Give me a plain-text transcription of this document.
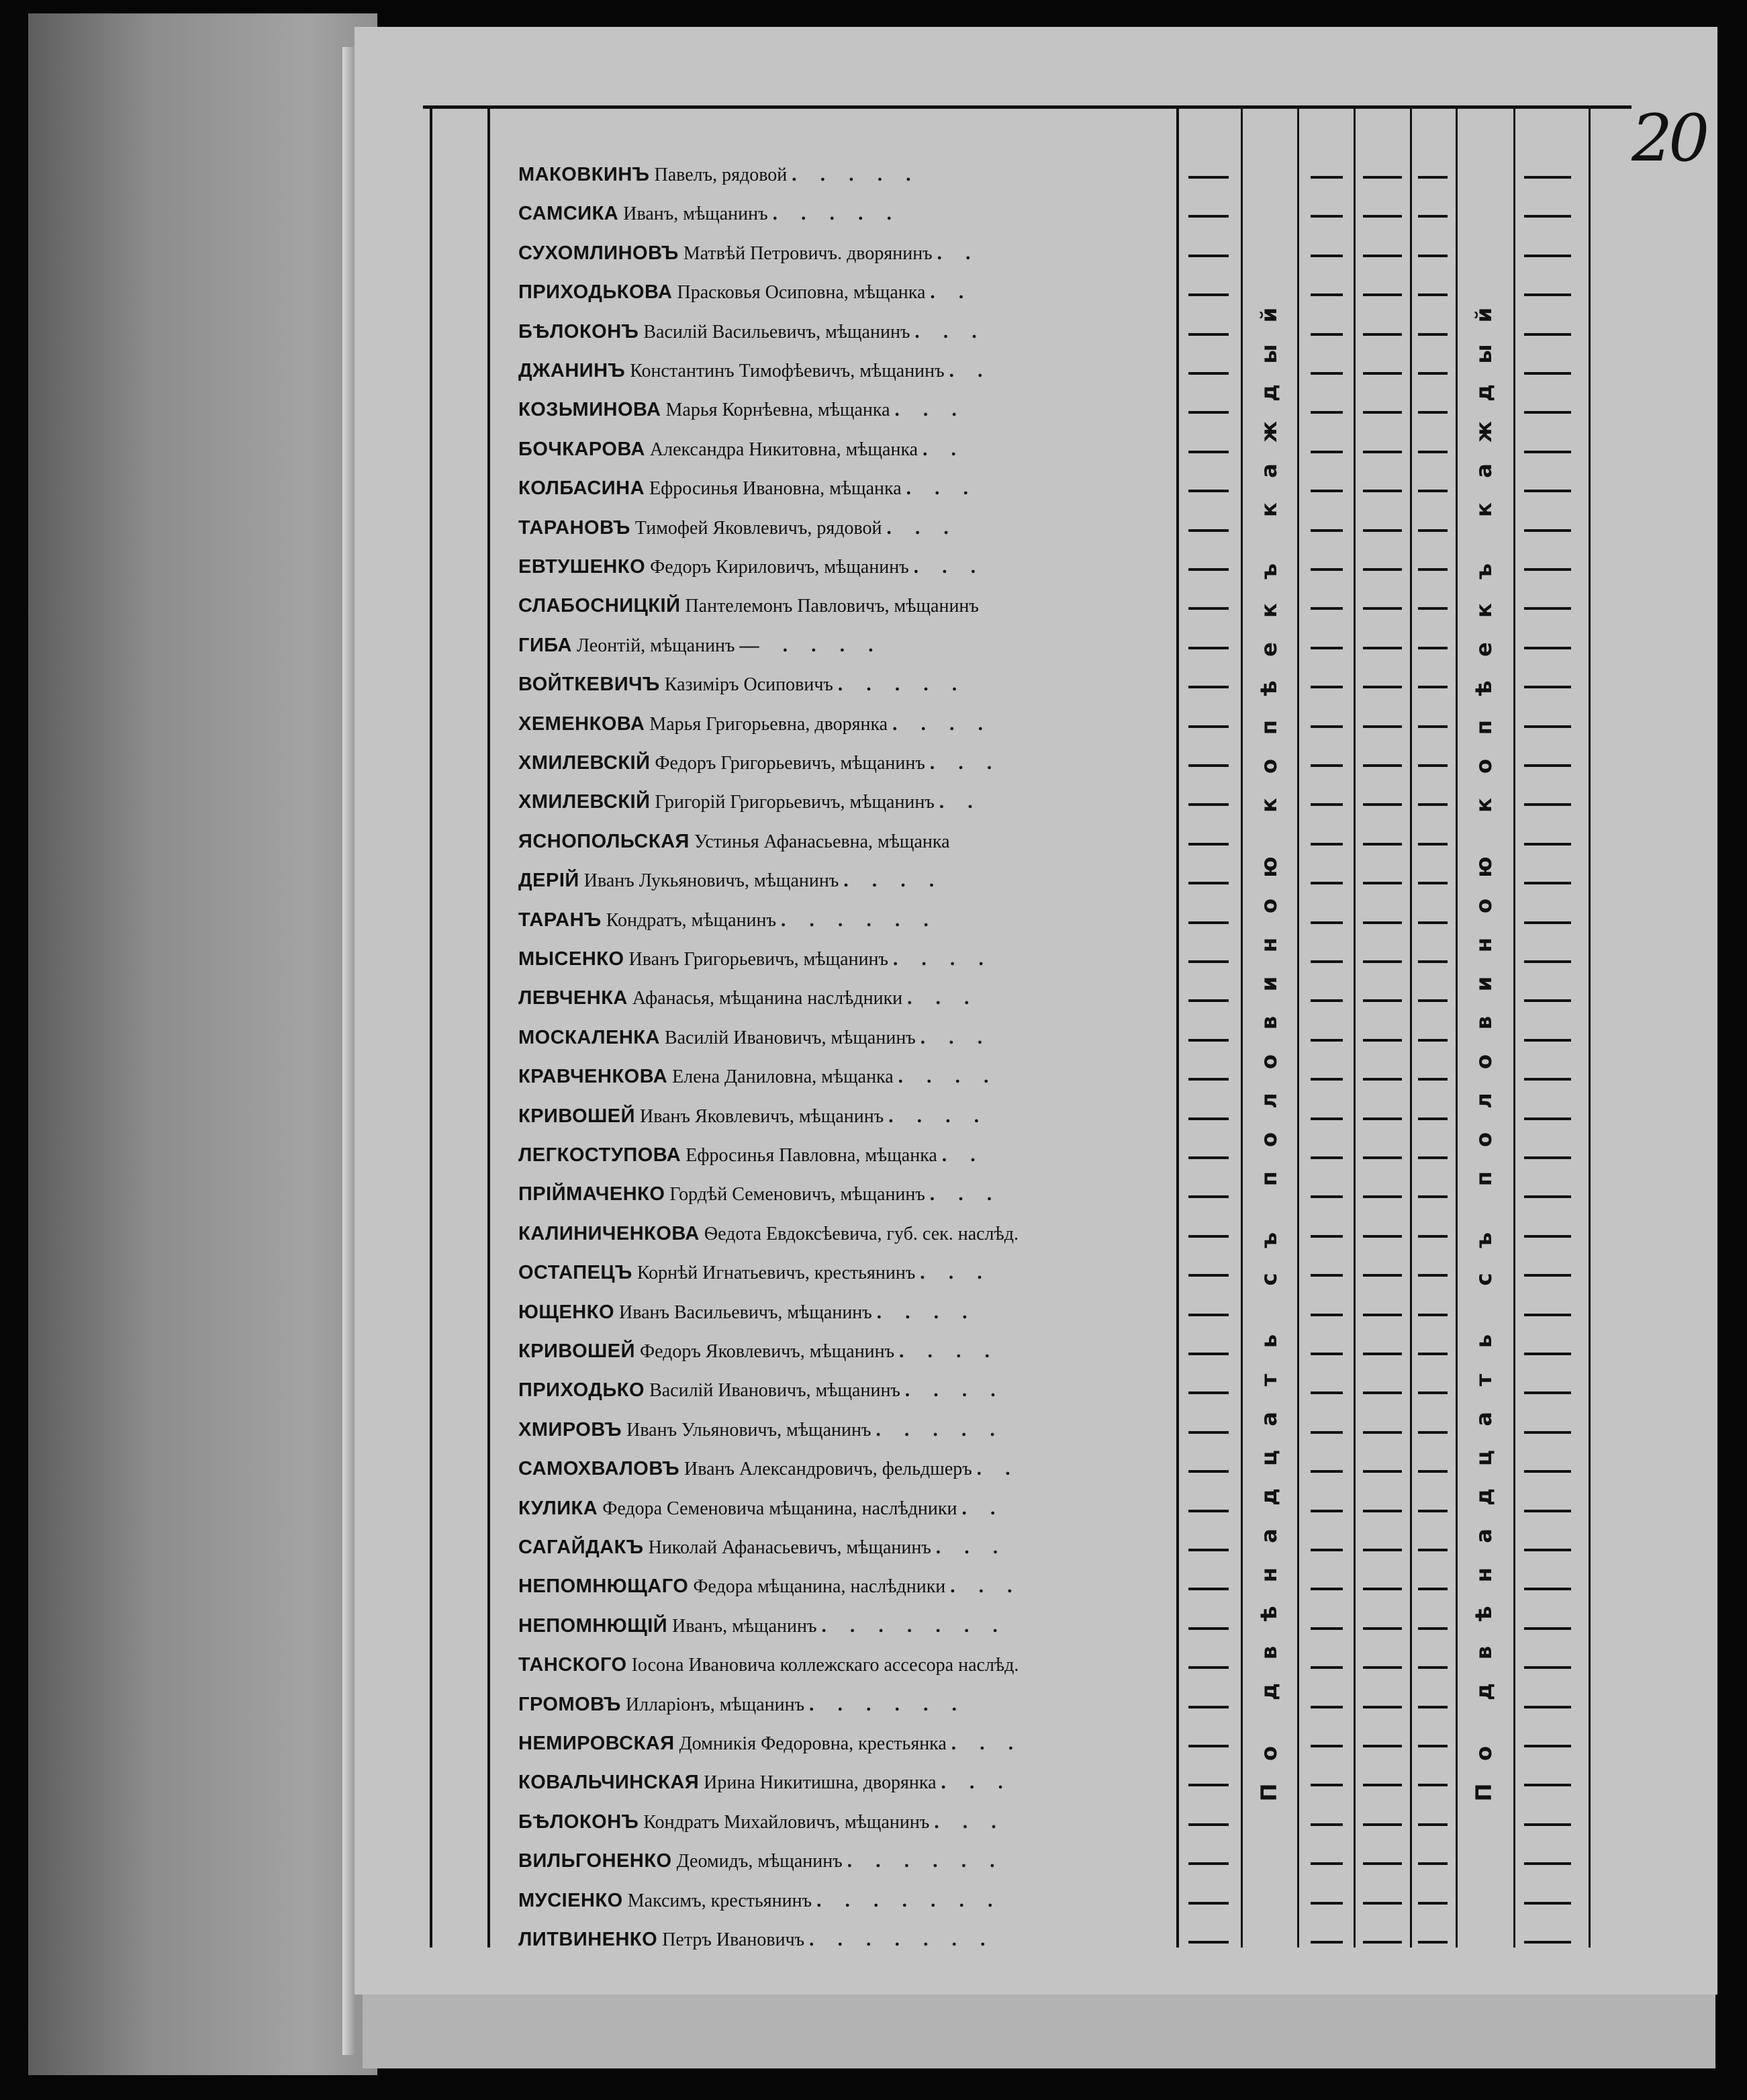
20
й
ы
д
ж
а
к

ъ
к
е
ѣ
п
о
к

ю
о
н
и
в
о
л
о
п

ъ
с

ь
т
а
ц
д
а
н
ѣ
в
д

о
П
й
ы
д
ж
а
к

ъ
к
е
ѣ
п
о
к

ю
о
н
и
в
о
л
о
п

ъ
с

ь
т
а
ц
д
а
н
ѣ
в
д

о
П
МАКОВКИНЪ Павелъ, рядовой . . . . .
САМСИКА Иванъ, мѣщанинъ . . . . .
СУХОМЛИНОВЪ Матвѣй Петровичъ. дворянинъ . .
ПРИХОДЬКОВА Прасковья Осиповна, мѣщанка . .
БѢЛОКОНЪ Василій Васильевичъ, мѣщанинъ . . .
ДЖАНИНЪ Константинъ Тимофѣевичъ, мѣщанинъ . .
КОЗЬМИНОВА Марья Корнѣевна, мѣщанка . . .
БОЧКАРОВА Александра Никитовна, мѣщанка . .
КОЛБАСИНА Ефросинья Ивановна, мѣщанка . . .
ТАРАНОВЪ Тимофей Яковлевичъ, рядовой . . .
ЕВТУШЕНКО Федоръ Кириловичъ, мѣщанинъ . . .
СЛАБОСНИЦКІЙ Пантелемонъ Павловичъ, мѣщанинъ
ГИБА Леонтій, мѣщанинъ — . . . .
ВОЙТКЕВИЧЪ Казиміръ Осиповичъ . . . . .
ХЕМЕНКОВА Марья Григорьевна, дворянка . . . .
ХМИЛЕВСКІЙ Федоръ Григорьевичъ, мѣщанинъ . . .
ХМИЛЕВСКІЙ Григорій Григорьевичъ, мѣщанинъ . .
ЯСНОПОЛЬСКАЯ Устинья Афанасьевна, мѣщанка
ДЕРІЙ Иванъ Лукьяновичъ, мѣщанинъ . . . .
ТАРАНЪ Кондратъ, мѣщанинъ . . . . . .
МЫСЕНКО Иванъ Григорьевичъ, мѣщанинъ . . . .
ЛЕВЧЕНКА Афанасья, мѣщанина наслѣдники . . .
МОСКАЛЕНКА Василій Ивановичъ, мѣщанинъ . . .
КРАВЧЕНКОВА Елена Даниловна, мѣщанка . . . .
КРИВОШЕЙ Иванъ Яковлевичъ, мѣщанинъ . . . .
ЛЕГКОСТУПОВА Ефросинья Павловна, мѣщанка . .
ПРІЙМАЧЕНКО Гордѣй Семеновичъ, мѣщанинъ . . .
КАЛИНИЧЕНКОВА Ѳедота Евдоксѣевича, губ. сек. наслѣд.
ОСТАПЕЦЪ Корнѣй Игнатьевичъ, крестьянинъ . . .
ЮЩЕНКО Иванъ Васильевичъ, мѣщанинъ . . . .
КРИВОШЕЙ Федоръ Яковлевичъ, мѣщанинъ . . . .
ПРИХОДЬКО Василій Ивановичъ, мѣщанинъ . . . .
ХМИРОВЪ Иванъ Ульяновичъ, мѣщанинъ . . . . .
САМОХВАЛОВЪ Иванъ Александровичъ, фельдшеръ . .
КУЛИКА Федора Семеновича мѣщанина, наслѣдники . .
САГАЙДАКЪ Николай Афанасьевичъ, мѣщанинъ . . .
НЕПОМНЮЩАГО Федора мѣщанина, наслѣдники . . .
НЕПОМНЮЩІЙ Иванъ, мѣщанинъ . . . . . . .
ТАНСКОГО Іосона Ивановича коллежскаго ассесора наслѣд.
ГРОМОВЪ Илларіонъ, мѣщанинъ . . . . . .
НЕМИРОВСКАЯ Домникія Федоровна, крестьянка . . .
КОВАЛЬЧИНСКАЯ Ирина Никитишна, дворянка . . .
БѢЛОКОНЪ Кондратъ Михайловичъ, мѣщанинъ . . .
ВИЛЬГОНЕНКО Деомидъ, мѣщанинъ . . . . . .
МУСІЕНКО Максимъ, крестьянинъ . . . . . . .
ЛИТВИНЕНКО Петръ Ивановичъ . . . . . . .
